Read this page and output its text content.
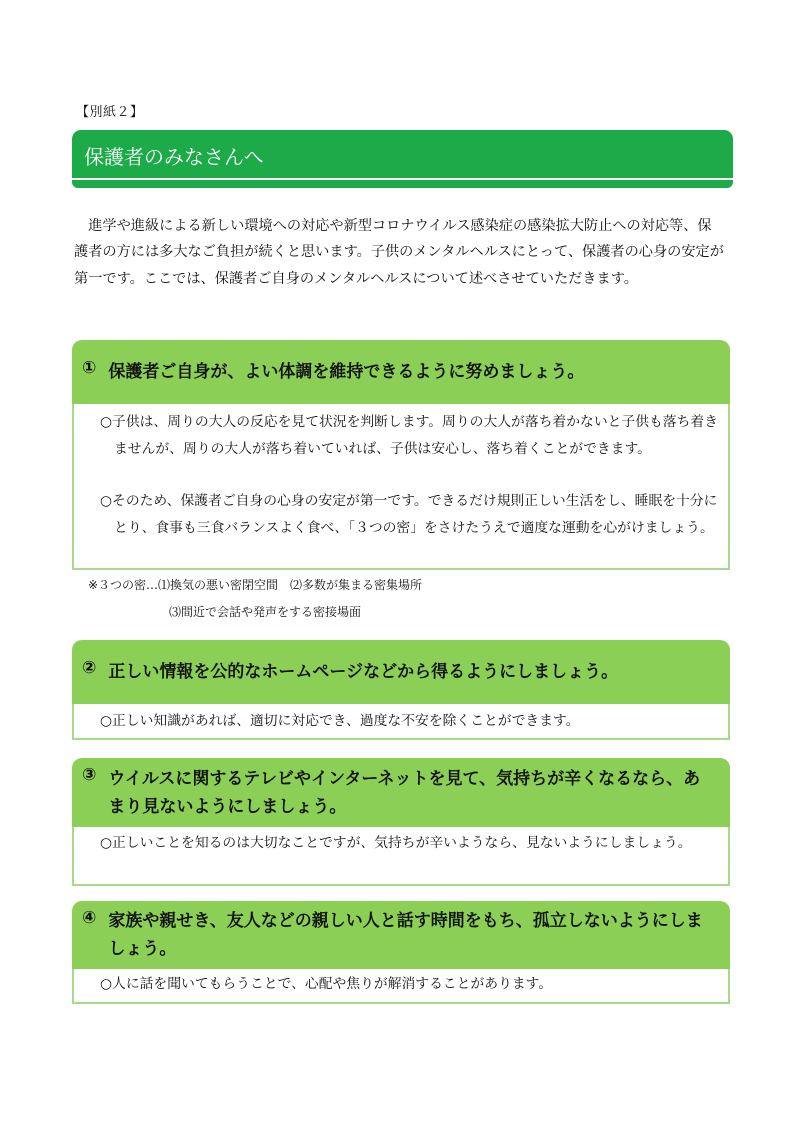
【別紙２】
保護者のみなさんへ
進学や進級による新しい環境への対応や新型コロナウイルス感染症の感染拡大防止への対応等、保護者の方には多大なご負担が続くと思います。子供のメンタルヘルスにとって、保護者の心身の安定が第一です。ここでは、保護者ご自身のメンタルヘルスについて述べさせていただきます。
① 保護者ご自身が、よい体調を維持できるように努めましょう。
○子供は、周りの大人の反応を見て状況を判断します。周りの大人が落ち着かないと子供も落ち着きませんが、周りの大人が落ち着いていれば、子供は安心し、落ち着くことができます。
○そのため、保護者ご自身の心身の安定が第一です。できるだけ規則正しい生活をし、睡眠を十分にとり、食事も三食バランスよく食べ、「３つの密」をさけたうえで適度な運動を心がけましょう。
※３つの密…⑴換気の悪い密閉空間　⑵多数が集まる密集場所
⑶間近で会話や発声をする密接場面
② 正しい情報を公的なホームページなどから得るようにしましょう。
○正しい知識があれば、適切に対応でき、過度な不安を除くことができます。
③ ウイルスに関するテレビやインターネットを見て、気持ちが辛くなるなら、あまり見ないようにしましょう。
○正しいことを知るのは大切なことですが、気持ちが辛いようなら、見ないようにしましょう。
④ 家族や親せき、友人などの親しい人と話す時間をもち、孤立しないようにしましょう。
○人に話を聞いてもらうことで、心配や焦りが解消することがあります。
